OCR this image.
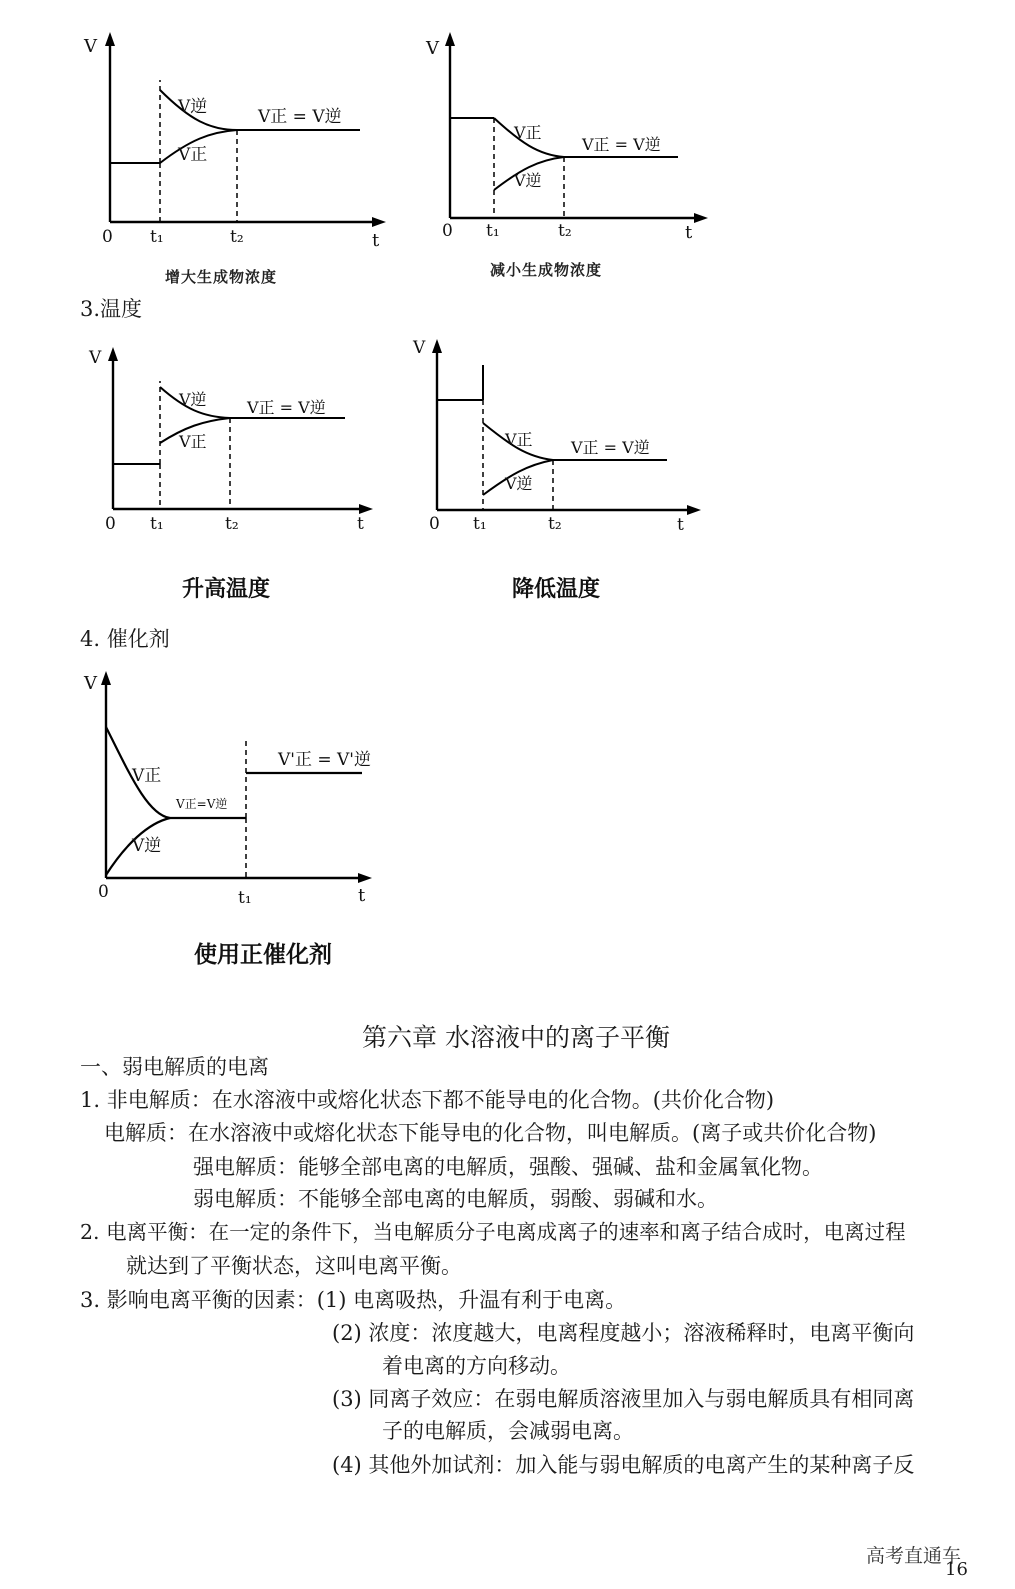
V
0 t₁	t₂	t
V逆
V正
V正 = V逆
增大生成物浓度
V
0 t₁	t₂	t
V正
V逆
V正 = V逆
减小生成物浓度
3.温度
V
0 t₁	t₂	t
V逆
V正
V正 = V逆
升高温度
V
0 t₁	t₂	t
V正
V逆
V正 = V逆
降低温度
4. 催化剂
V
0	t₁	t
V正
V逆
V正=V逆
V'正 = V'逆
使用正催化剂
第六章 水溶液中的离子平衡
一、弱电解质的电离
1. 非电解质：在水溶液中或熔化状态下都不能导电的化合物。(共价化合物)
电解质：在水溶液中或熔化状态下能导电的化合物，叫电解质。(离子或共价化合物)
强电解质：能够全部电离的电解质，强酸、强碱、盐和金属氧化物。
弱电解质：不能够全部电离的电解质，弱酸、弱碱和水。
2. 电离平衡：在一定的条件下，当电解质分子电离成离子的速率和离子结合成时，电离过程
就达到了平衡状态，这叫电离平衡。
3. 影响电离平衡的因素：(1) 电离吸热，升温有利于电离。
(2) 浓度：浓度越大，电离程度越小；溶液稀释时，电离平衡向
着电离的方向移动。
(3) 同离子效应：在弱电解质溶液里加入与弱电解质具有相同离
子的电解质，会减弱电离。
(4) 其他外加试剂：加入能与弱电解质的电离产生的某种离子反
高考直通车
16
